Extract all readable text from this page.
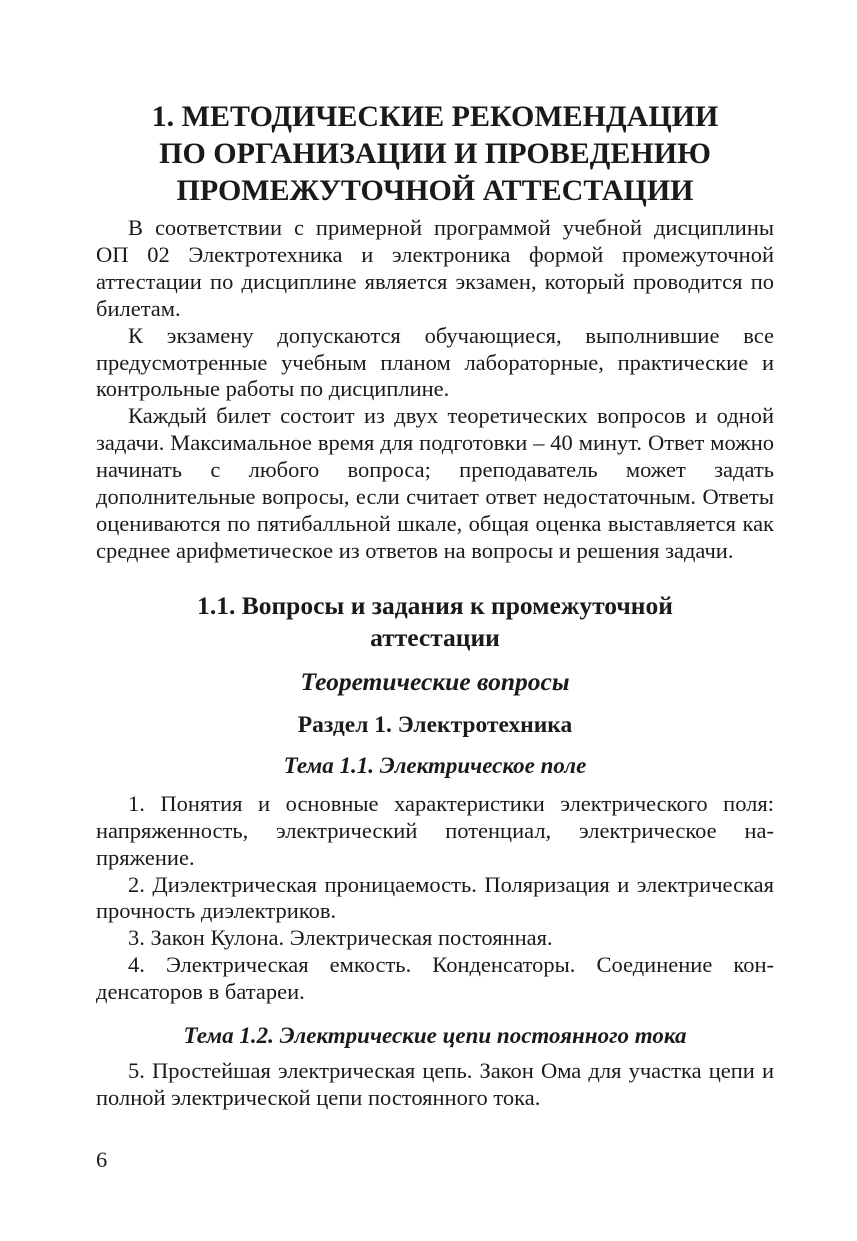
1. МЕТОДИЧЕСКИЕ РЕКОМЕНДАЦИИ

ПО ОРГАНИЗАЦИИ И ПРОВЕДЕНИЮ

ПРОМЕЖУТОЧНОЙ АТТЕСТАЦИИ

В соответствии с примерной программой учебной дисциплины ОП 02 Электротехника и электроника формой промежуточной аттестации по дисциплине является экзамен, который проводится по билетам.

К экзамену допускаются обучающиеся, выполнившие все предусмотренные учебным планом лабораторные, практические и контрольные работы по дисциплине.

Каждый билет состоит из двух теоретических вопросов и одной задачи. Максимальное время для подготовки – 40 минут. Ответ можно начинать с любого вопроса; преподаватель может задать дополнительные вопросы, если считает ответ недостаточным. Ответы оцениваются по пятибалльной шкале, общая оценка выставляется как среднее арифметическое из ответов на вопросы и решения задачи.

1.1. Вопросы и задания к промежуточной

аттестации

Теоретические вопросы

Раздел 1. Электротехника

Тема 1.1. Электрическое поле

1. Понятия и основные характеристики электрического поля: напряженность, электрический потенциал, электрическое напряжение.

2. Диэлектрическая проницаемость. Поляризация и электрическая прочность диэлектриков.

3. Закон Кулона. Электрическая постоянная.

4. Электрическая емкость. Конденсаторы. Соединение конденсаторов в батареи.

Тема 1.2. Электрические цепи постоянного тока

5. Простейшая электрическая цепь. Закон Ома для участка цепи и полной электрической цепи постоянного тока.

6
